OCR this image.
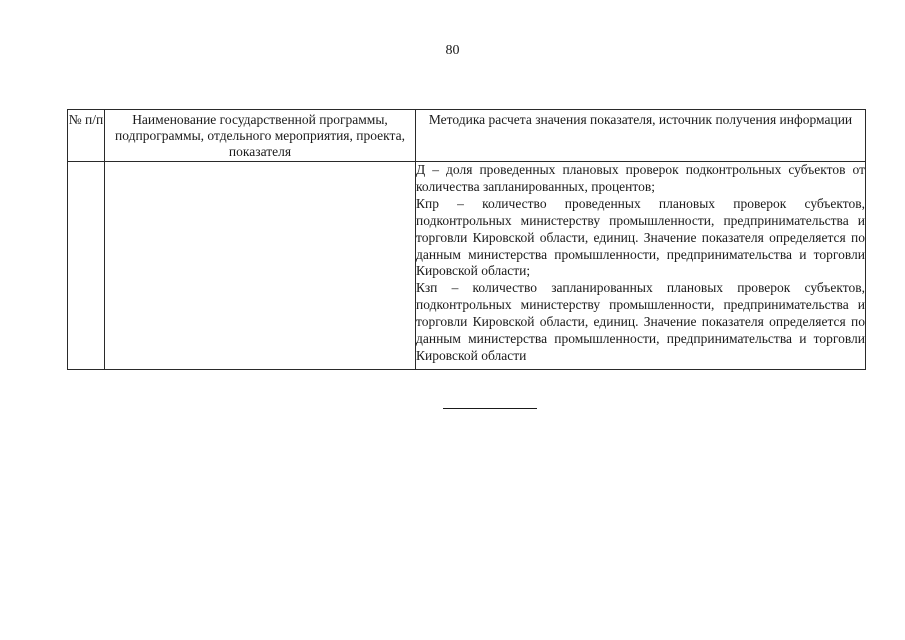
80
№ п/п	Наименование государственной программы, подпрограммы, отдельного мероприятия, проекта, показателя	Методика расчета значения показателя, источник получения информации

		Д – доля проведенных плановых проверок подконтрольных субъектов от количества запланированных, процентов;
Кпр – количество проведенных плановых проверок субъектов, подконтрольных министерству промышленности, предпринимательства и торговли Кировской области, единиц. Значение показателя определяется по данным министерства промышленности, предпринимательства и торговли Кировской области;
Кзп – количество запланированных плановых проверок субъектов, подконтрольных министерству промышленности, предпринимательства и торговли Кировской области, единиц. Значение показателя определяется по данным министерства промышленности, предпринимательства и торговли Кировской области
